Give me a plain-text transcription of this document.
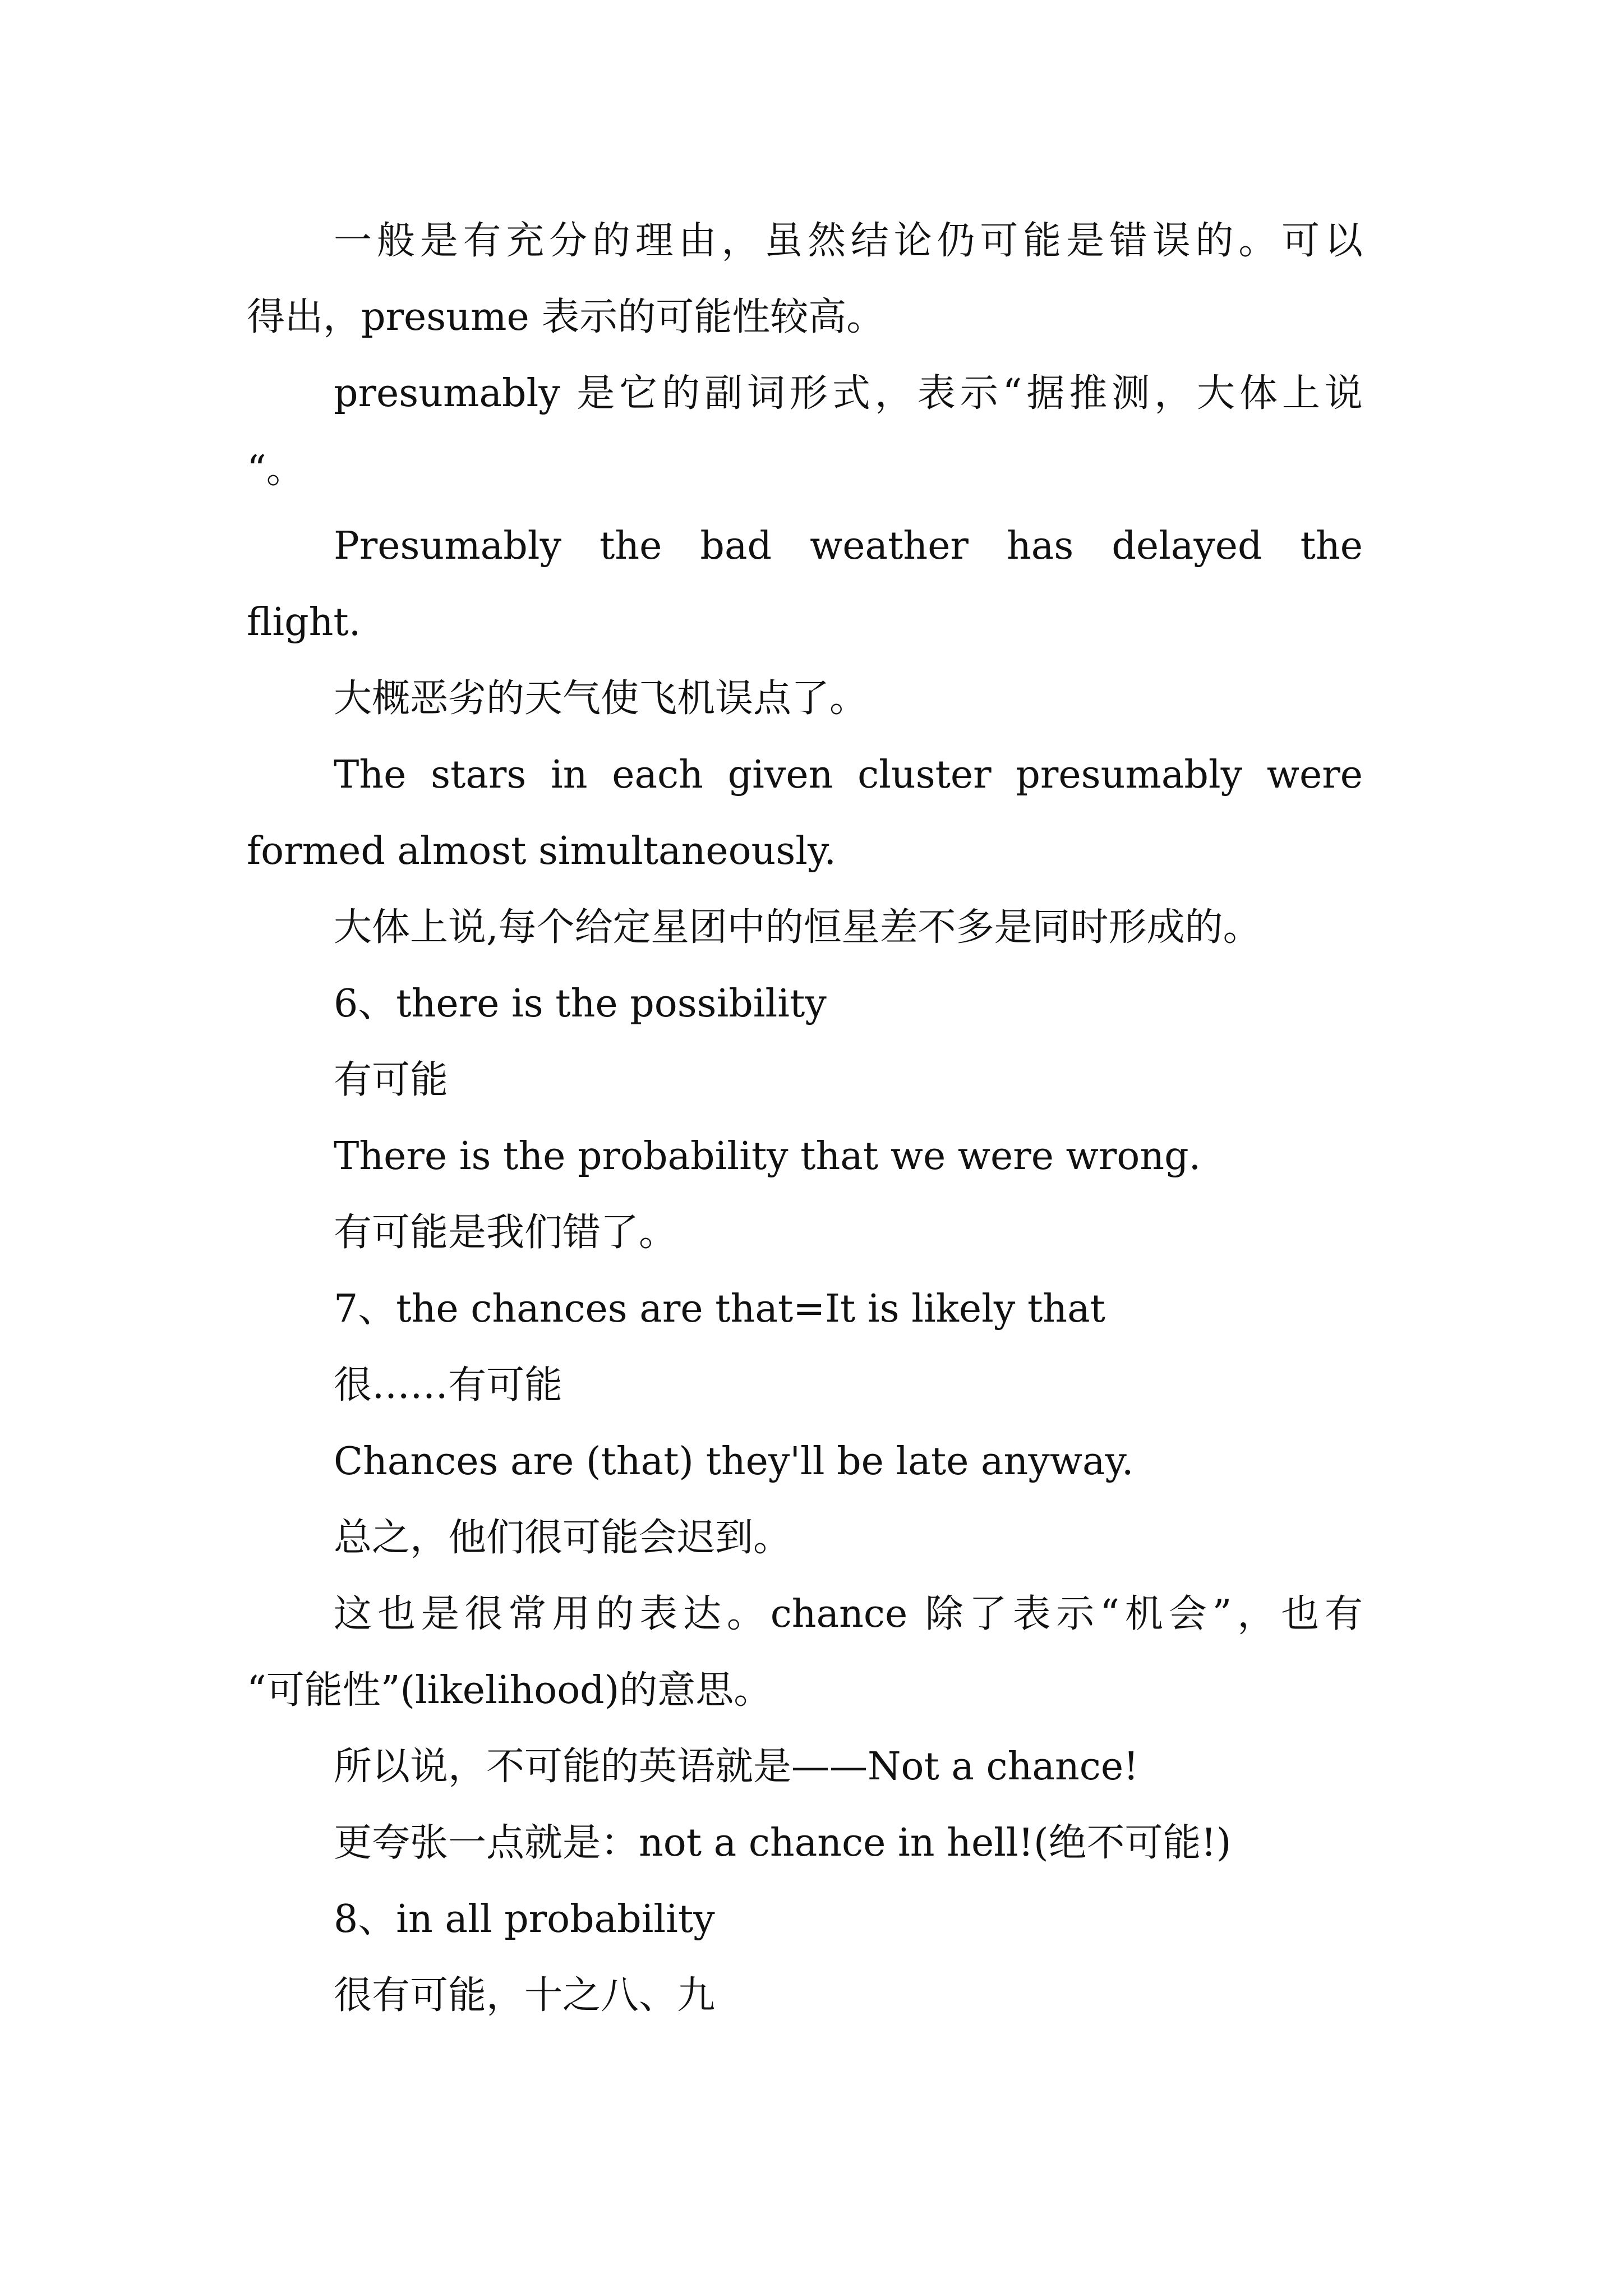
一般是有充分的理由，虽然结论仍可能是错误的。可以
得出，presume 表示的可能性较高。
presumably 是它的副词形式，表示“据推测，大体上说
“。
Presumably the bad weather has delayed the
flight.
大概恶劣的天气使飞机误点了。
The stars in each given cluster presumably were
formed almost simultaneously.
大体上说,每个给定星团中的恒星差不多是同时形成的。
6、there is the possibility
有可能
There is the probability that we were wrong.
有可能是我们错了。
7、the chances are that=It is likely that
很……有可能
Chances are (that) they'll be late anyway.
总之，他们很可能会迟到。
这也是很常用的表达。chance 除了表示“机会”，也有
“可能性”(likelihood)的意思。
所以说，不可能的英语就是——Not a chance!
更夸张一点就是：not a chance in hell!(绝不可能!)
8、in all probability
很有可能，十之八、九
